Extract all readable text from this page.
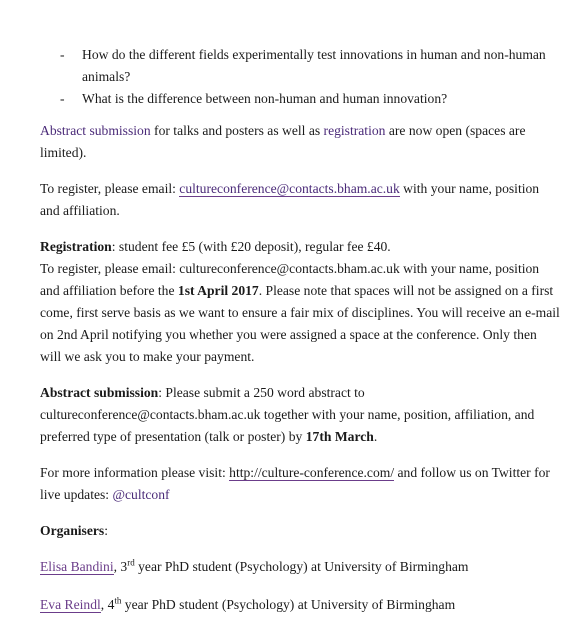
- How do the different fields experimentally test innovations in human and non-human animals?
- What is the difference between non-human and human innovation?

Abstract submission for talks and posters as well as registration are now open (spaces are limited).

To register, please email: cultureconference@contacts.bham.ac.uk with your name, position and affiliation.

Registration: student fee £5 (with £20 deposit), regular fee £40.
To register, please email: cultureconference@contacts.bham.ac.uk with your name, position and affiliation before the 1st April 2017. Please note that spaces will not be assigned on a first come, first serve basis as we want to ensure a fair mix of disciplines. You will receive an e-mail on 2nd April notifying you whether you were assigned a space at the conference. Only then will we ask you to make your payment.

Abstract submission: Please submit a 250 word abstract to cultureconference@contacts.bham.ac.uk together with your name, position, affiliation, and preferred type of presentation (talk or poster) by 17th March.

For more information please visit: http://culture-conference.com/ and follow us on Twitter for live updates: @cultconf

Organisers:

Elisa Bandini, 3rd year PhD student (Psychology) at University of Birmingham

Eva Reindl, 4th year PhD student (Psychology) at University of Birmingham
